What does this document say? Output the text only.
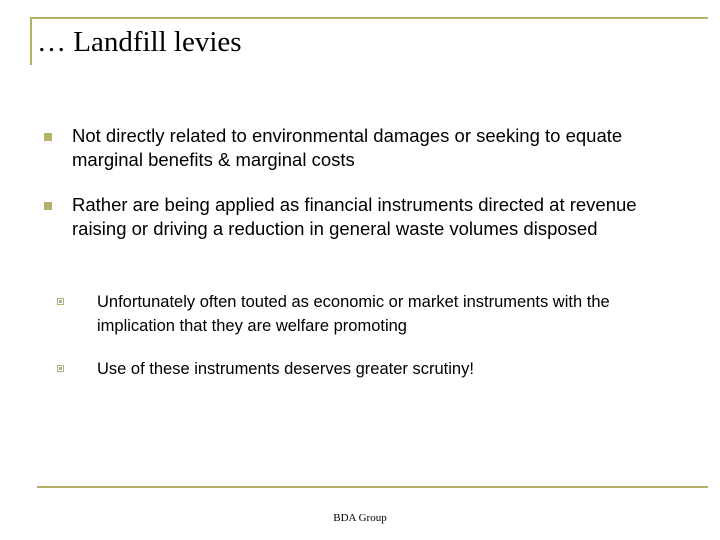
… Landfill levies
Not directly related to environmental damages or seeking to equate marginal benefits & marginal costs
Rather are being applied as financial instruments directed at revenue raising or driving a reduction in general waste volumes disposed
Unfortunately often touted as economic or market instruments with the implication that they are welfare promoting
Use of these instruments deserves greater scrutiny!
BDA Group
